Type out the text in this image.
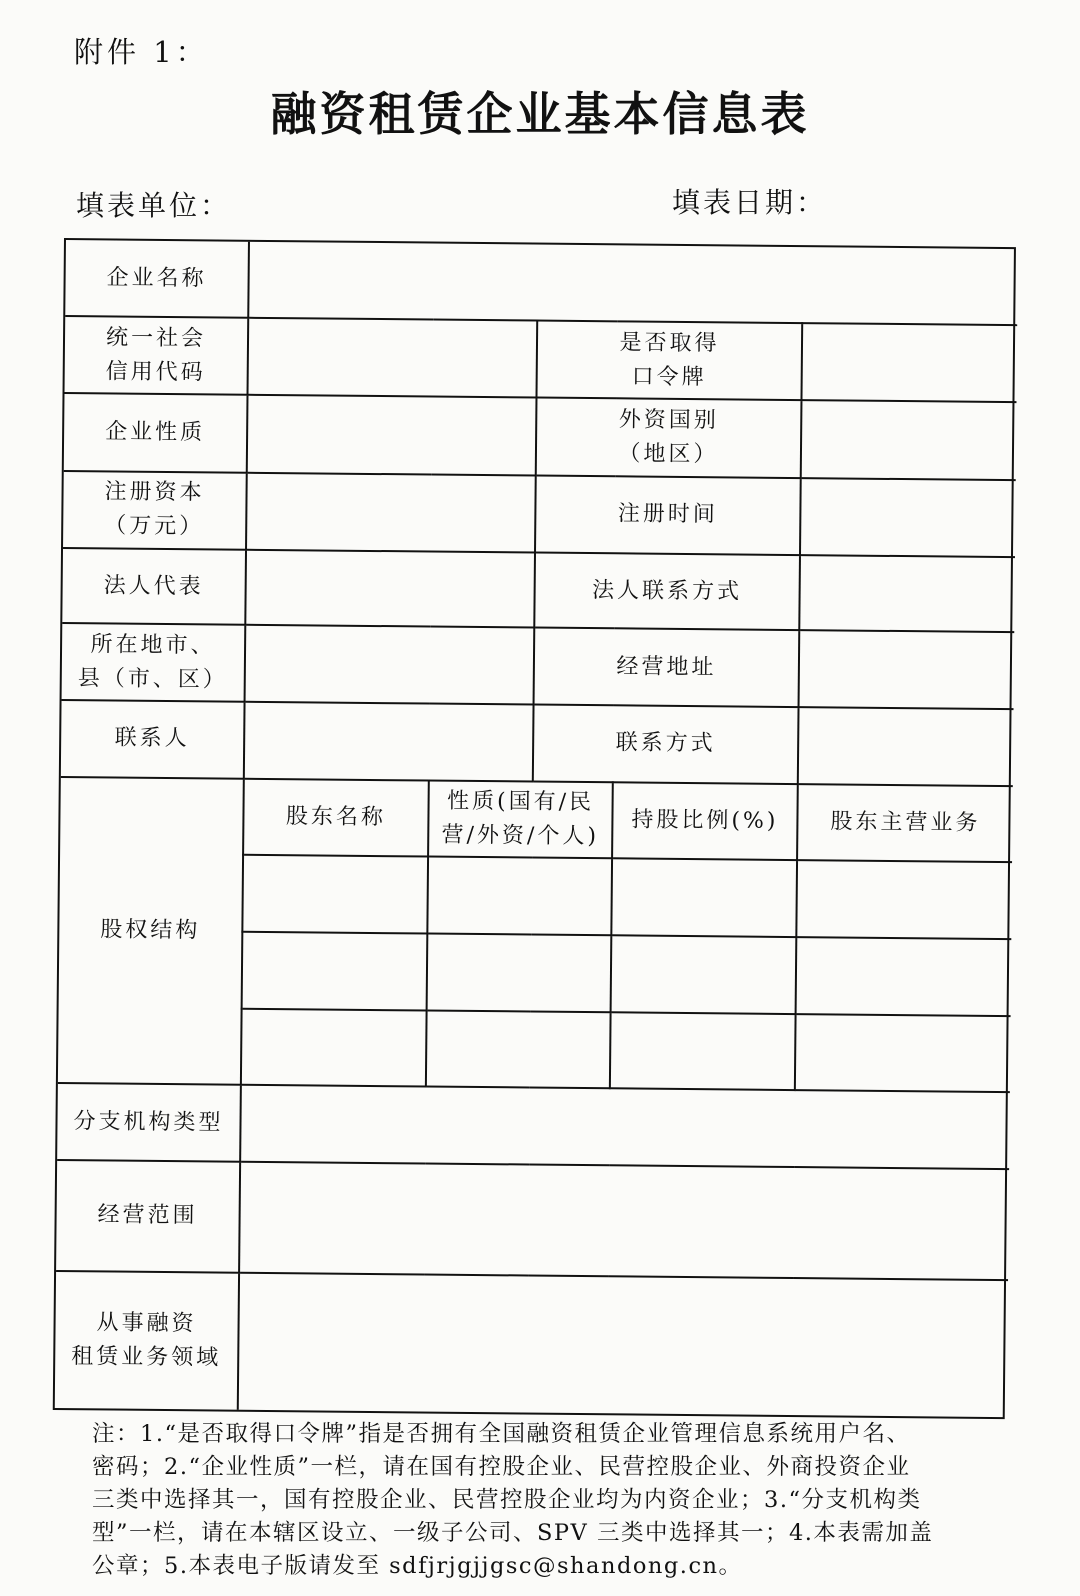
附件 1：
融资租赁企业基本信息表
填表单位：	填表日期：
企业名称					

统一社会
信用代码			是否取得
口令牌		

企业性质			外资国别
（地区）		

注册资本
（万元）			注册时间		
法人代表			法人联系方式		

所在地市、
县（市、区）			经营地址		
联系人			联系方式		
股权结构	股东名称	性质(国有/民
营/外资/个人)		持股比例(%)	股东主营业务

分支机构类型					
经营范围					

从事融资
租赁业务领域					

注：1.“是否取得口令牌”指是否拥有全国融资租赁企业管理信息系统用户名、
密码；2.“企业性质”一栏，请在国有控股企业、民营控股企业、外商投资企业
三类中选择其一，国有控股企业、民营控股企业均为内资企业；3.“分支机构类
型”一栏，请在本辖区设立、一级子公司、SPV 三类中选择其一；4.本表需加盖
公章；5.本表电子版请发至 sdfjrjgjjgsc@shandong.cn。
